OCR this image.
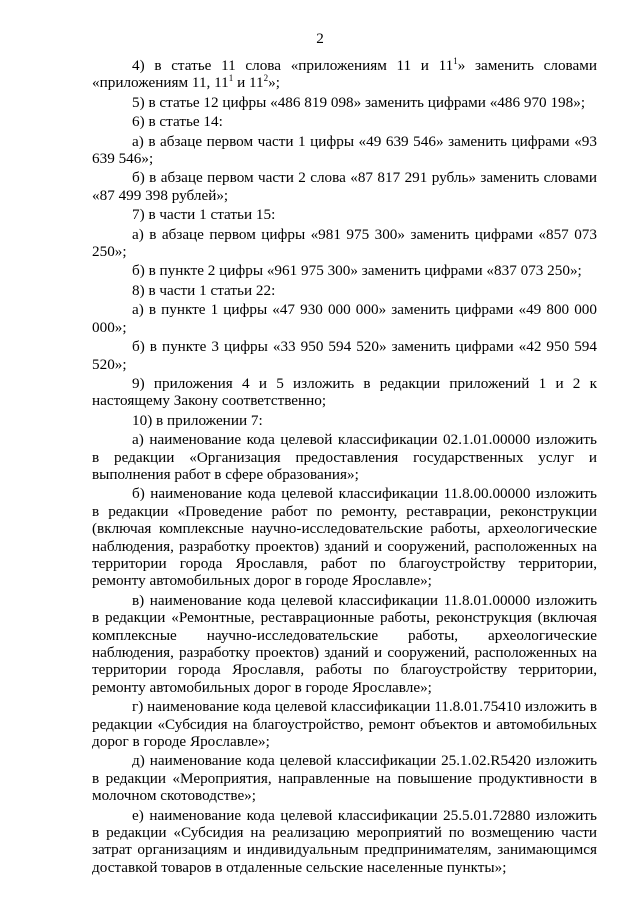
2

4) в статье 11 слова «приложениям 11 и $11^1$» заменить словами «приложениям 11, $11^1$ и $11^2$»;

5) в статье 12 цифры «486 819 098» заменить цифрами «486 970 198»;

6) в статье 14:

а) в абзаце первом части 1 цифры «49 639 546» заменить цифрами «93 639 546»;

б) в абзаце первом части 2 слова «87 817 291 рубль» заменить словами «87 499 398 рублей»;

7) в части 1 статьи 15:

а) в абзаце первом цифры «981 975 300» заменить цифрами «857 073 250»;

б) в пункте 2 цифры «961 975 300» заменить цифрами «837 073 250»;

8) в части 1 статьи 22:

а) в пункте 1 цифры «47 930 000 000» заменить цифрами «49 800 000 000»;

б) в пункте 3 цифры «33 950 594 520» заменить цифрами «42 950 594 520»;

9) приложения 4 и 5 изложить в редакции приложений 1 и 2 к настоящему Закону соответственно;

10) в приложении 7:

а) наименование кода целевой классификации 02.1.01.00000 изложить в редакции «Организация предоставления государственных услуг и выполнения работ в сфере образования»;

б) наименование кода целевой классификации 11.8.00.00000 изложить в редакции «Проведение работ по ремонту, реставрации, реконструкции (включая комплексные научно-исследовательские работы, археологические наблюдения, разработку проектов) зданий и сооружений, расположенных на территории города Ярославля, работ по благоустройству территории, ремонту автомобильных дорог в городе Ярославле»;

в) наименование кода целевой классификации 11.8.01.00000 изложить в редакции «Ремонтные, реставрационные работы, реконструкция (включая комплексные научно-исследовательские работы, археологические наблюдения, разработку проектов) зданий и сооружений, расположенных на территории города Ярославля, работы по благоустройству территории, ремонту автомобильных дорог в городе Ярославле»;

г) наименование кода целевой классификации 11.8.01.75410 изложить в редакции «Субсидия на благоустройство, ремонт объектов и автомобильных дорог в городе Ярославле»;

д) наименование кода целевой классификации 25.1.02.R5420 изложить в редакции «Мероприятия, направленные на повышение продуктивности в молочном скотоводстве»;

е) наименование кода целевой классификации 25.5.01.72880 изложить в редакции «Субсидия на реализацию мероприятий по возмещению части затрат организациям и индивидуальным предпринимателям, занимающимся доставкой товаров в отдаленные сельские населенные пункты»;
